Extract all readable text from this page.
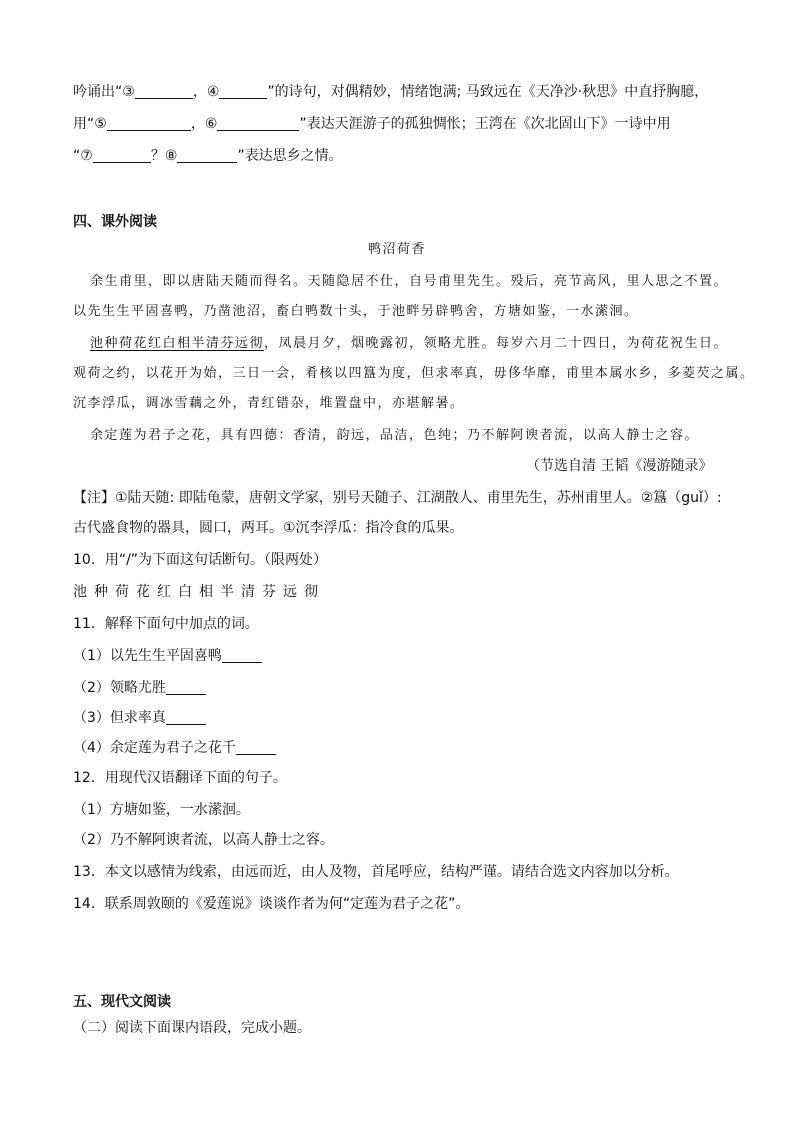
吟诵出“③	，④	”的诗句，对偶精妙，情绪饱满; 马致远在《天净沙·秋思》中直抒胸臆，
用“⑤	，⑥	”表达天涯游子的孤独惆怅；王湾在《次北固山下》一诗中用
“⑦	？⑧	”表达思乡之情。
四、课外阅读
鸭沼荷香
余生甫里，即以唐陆天随而得名。天随隐居不仕，自号甫里先生。殁后，亮节高风，里人思之不置。
以先生生平固喜鸭，乃凿池沼，畜白鸭数十头，于池畔另辟鸭舍，方塘如鉴，一水潆洄。
池种荷花红白相半清芬远彻，凤晨月夕，烟晚露初，领略尤胜。每岁六月二十四日，为荷花祝生日。
观荷之约，以花开为始，三日一会，肴核以四簋为度，但求率真，毋侈华靡，甫里本属水乡，多菱芡之属。
沉李浮瓜，调冰雪藕之外，青红错杂，堆置盘中，亦堪解暑。
余定莲为君子之花，具有四德：香清，韵远，品洁，色纯；乃不解阿谀者流，以高人静士之容。
（节选自清 王韬《漫游随录》
【注】①陆天随: 即陆龟蒙，唐朝文学家，别号天随子、江湖散人、甫里先生，苏州甫里人。②簋（guǐ）:
古代盛食物的器具，圆口，两耳。①沉李浮瓜：指冷食的瓜果。
10．用“/”为下面这句话断句。（限两处）
池种荷花红白相半清芬远彻
11．解释下面句中加点的词。
（1）以先生生平固喜鸭
（2）领略尤胜
（3）但求率真
（4）余定莲为君子之花千
12．用现代汉语翻译下面的句子。
（1）方塘如鉴，一水潆洄。
（2）乃不解阿谀者流，以高人静士之容。
13．本文以感情为线索，由远而近，由人及物，首尾呼应，结构严谨。请结合选文内容加以分析。
14．联系周敦颐的《爱莲说》谈谈作者为何“定莲为君子之花”。
五、现代文阅读
（二）阅读下面课内语段，完成小题。
